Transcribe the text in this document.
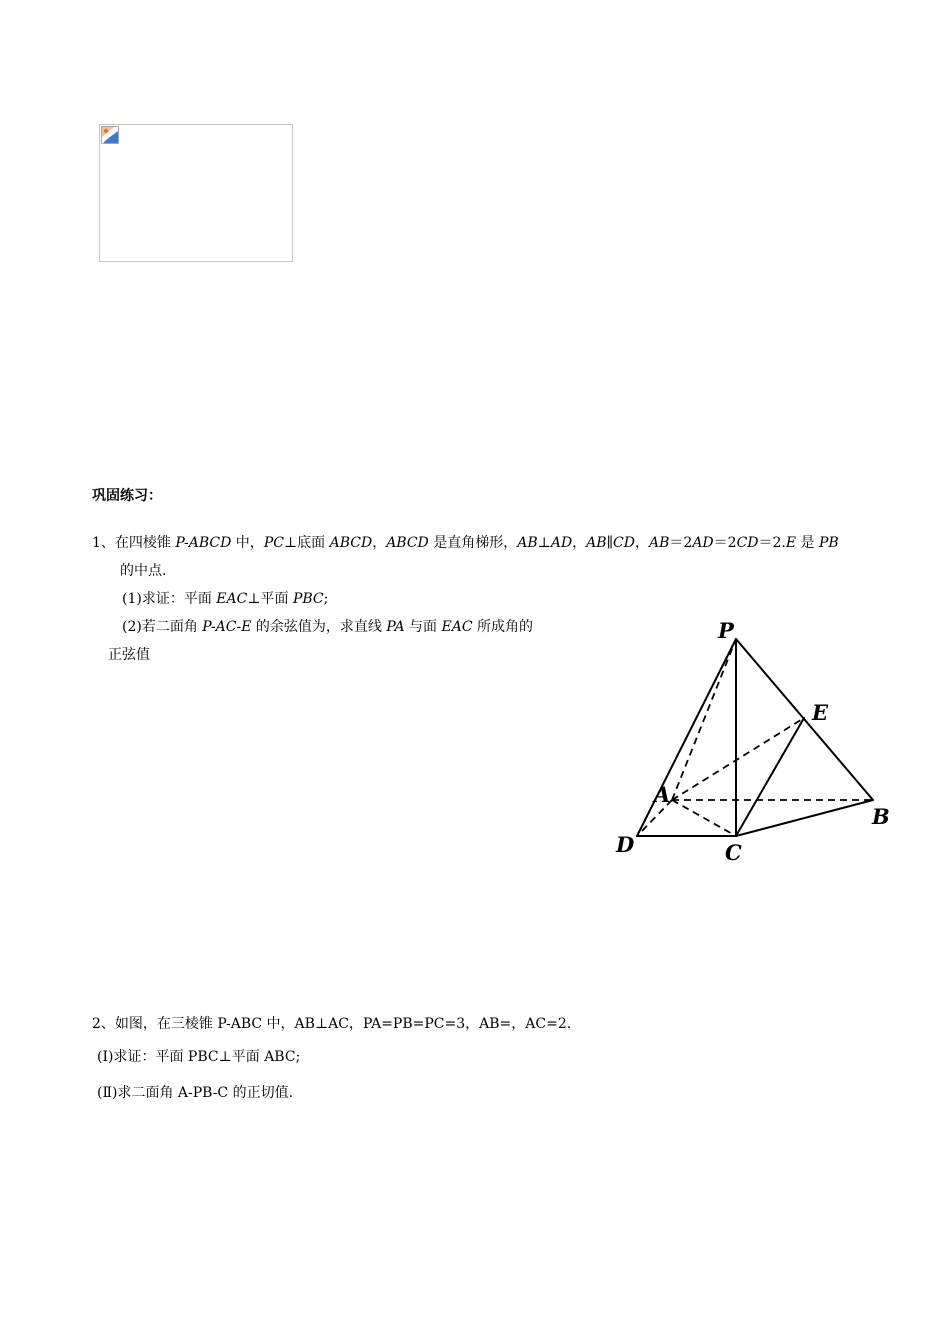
巩固练习：
1、在四棱锥 P-ABCD 中，PC⊥底面 ABCD，ABCD 是直角梯形，AB⊥AD，AB∥CD，AB＝2AD＝2CD＝2.E 是 PB
的中点.
(1)求证：平面 EAC⊥平面 PBC;
(2)若二面角 P-AC-E 的余弦值为，求直线 PA 与面 EAC 所成角的
正弦值
P
E
A
B
D	C
2、如图，在三棱锥 P-ABC 中，AB⊥AC，PA=PB=PC=3，AB=，AC=2.
(Ⅰ)求证：平面 PBC⊥平面 ABC;
(Ⅱ)求二面角 A-PB-C 的正切值.
